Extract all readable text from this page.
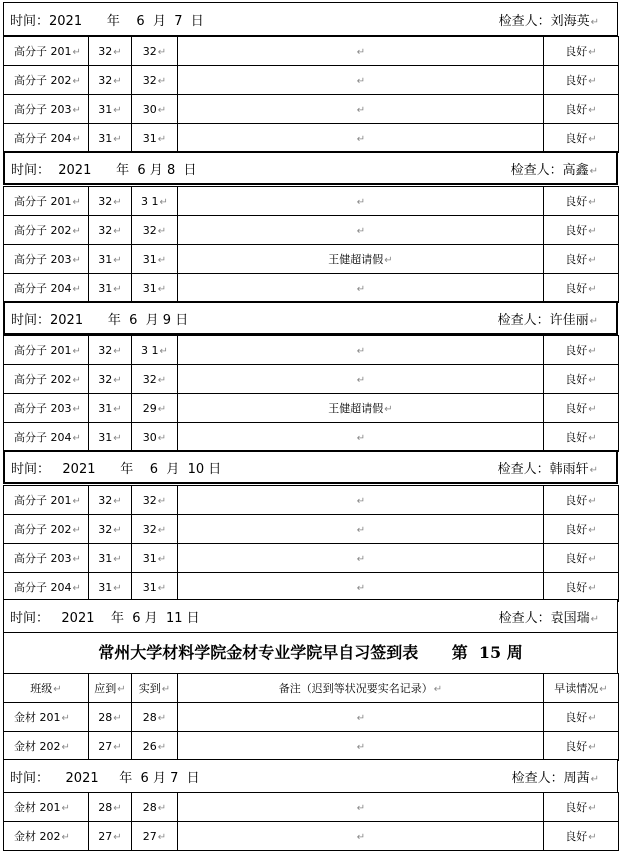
时间：2021      年    6  月  7  日	检查人：刘海英↵
高分子 201↵	32↵	32↵	↵	良好↵
高分子 202↵	32↵	32↵	↵	良好↵
高分子 203↵	31↵	30↵	↵	良好↵
高分子 204↵	31↵	31↵	↵	良好↵
时间：  2021      年  6 月 8  日	检查人：高鑫↵
高分子 201↵	32↵	3 1↵	↵	良好↵
高分子 202↵	32↵	32↵	↵	良好↵
高分子 203↵	31↵	31↵	王健超请假↵	良好↵
高分子 204↵	31↵	31↵	↵	良好↵
时间：2021      年  6  月 9 日	检查人：许佳丽↵
高分子 201↵	32↵	3 1↵	↵	良好↵
高分子 202↵	32↵	32↵	↵	良好↵
高分子 203↵	31↵	29↵	王健超请假↵	良好↵
高分子 204↵	31↵	30↵	↵	良好↵
时间：   2021      年    6  月  10 日	检查人：韩雨轩↵
高分子 201↵	32↵	32↵	↵	良好↵
高分子 202↵	32↵	32↵	↵	良好↵
高分子 203↵	31↵	31↵	↵	良好↵
高分子 204↵	31↵	31↵	↵	良好↵
时间：   2021    年  6 月  11 日	检查人：袁国瑞↵
常州大学材料学院金材专业学院早自习签到表      第  15 周
班级↵	应到↵	实到↵	备注（迟到等状况要实名记录）↵	早读情况↵
金材 201↵	28↵	28↵	↵	良好↵
金材 202↵	27↵	26↵	↵	良好↵
时间：    2021     年  6 月 7  日	检查人：周茜↵
金材 201↵	28↵	28↵	↵	良好↵
金材 202↵	27↵	27↵	↵	良好↵
